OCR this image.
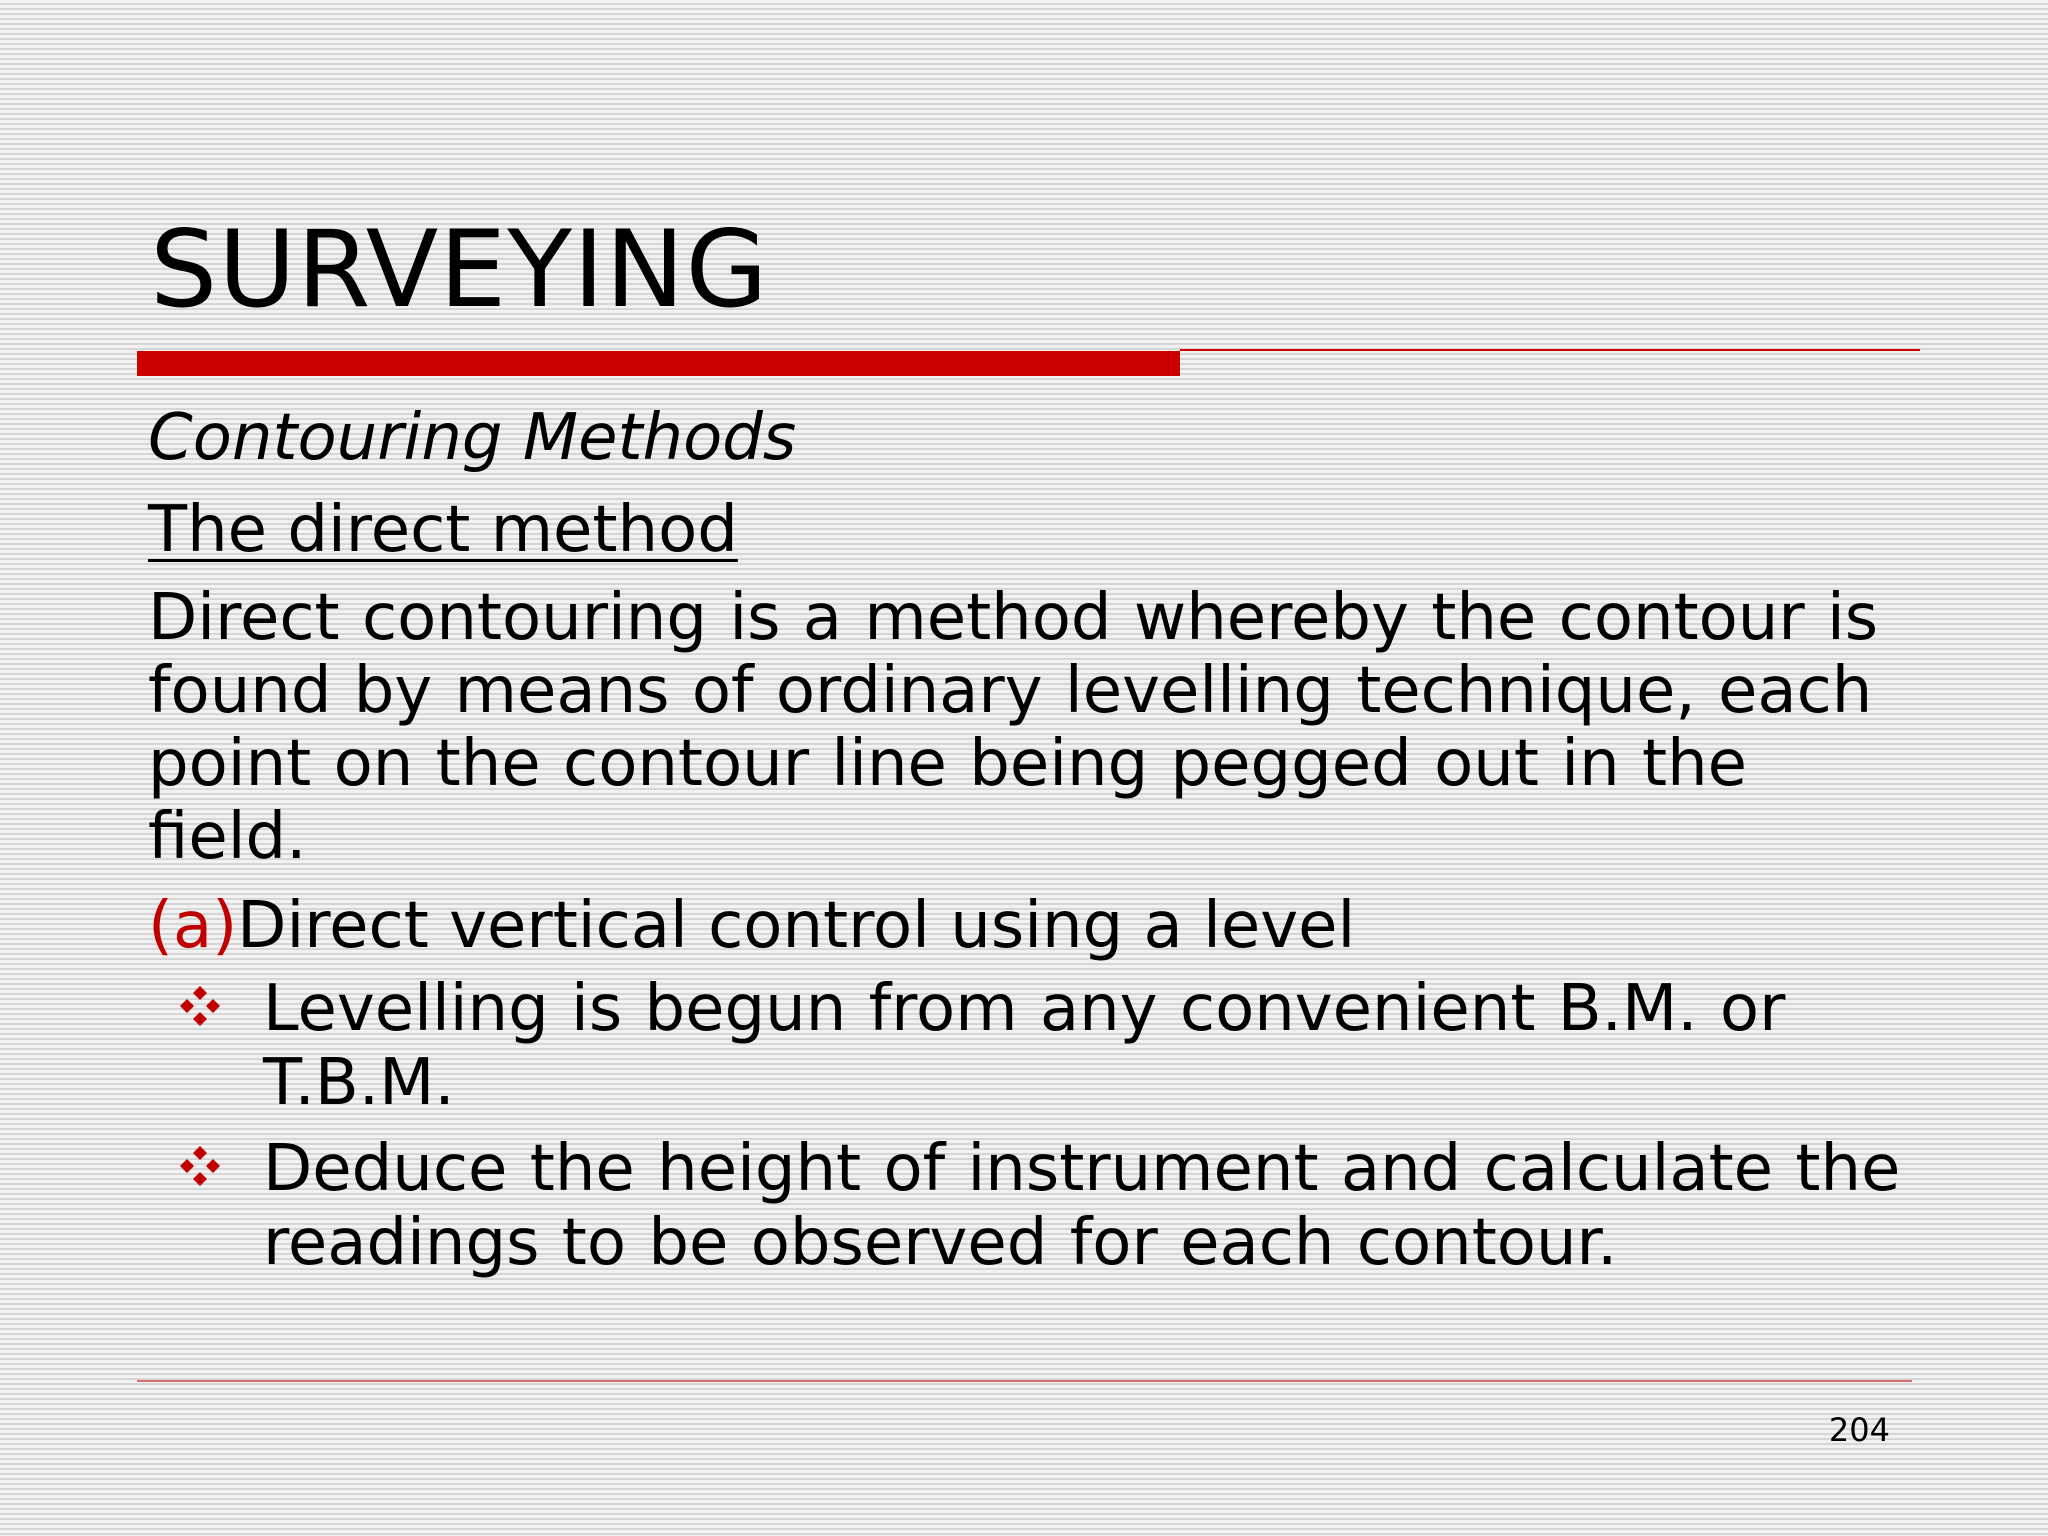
SURVEYING

Contouring Methods

The direct method

Direct contouring is a method whereby the contour is found by means of ordinary levelling technique, each point on the contour line being pegged out in the field.

(a)Direct vertical control using a level

Levelling is begun from any convenient B.M. or T.B.M.
Deduce the height of instrument and calculate the readings to be observed for each contour.
204
